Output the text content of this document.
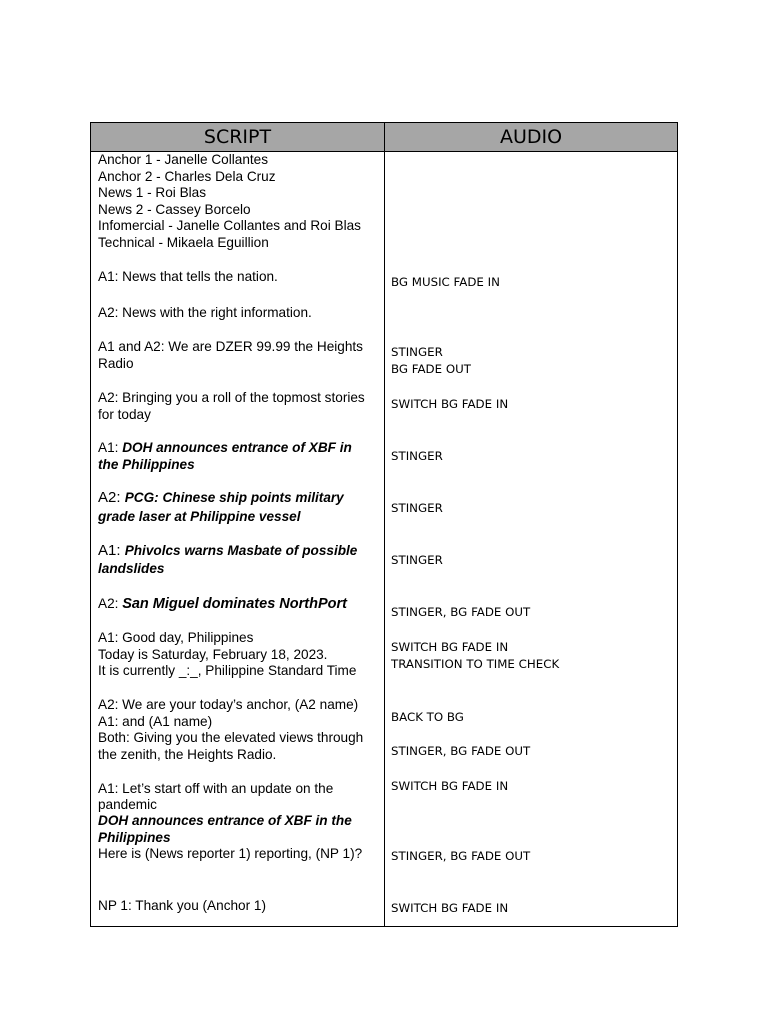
SCRIPT	AUDIO
Anchor 1 - Janelle Collantes
Anchor 2 - Charles Dela Cruz
News 1 - Roi Blas
News 2 - Cassey Borcelo
Infomercial - Janelle Collantes and Roi Blas
Technical - Mikaela Eguillion
A1: News that tells the nation.
A2: News with the right information.
A1 and A2: We are DZER 99.99 the Heights
Radio
A2: Bringing you a roll of the topmost stories
for today
A1: DOH announces entrance of XBF in
the Philippines
A2: PCG: Chinese ship points military
grade laser at Philippine vessel
A1: Phivolcs warns Masbate of possible
landslides
A2: San Miguel dominates NorthPort
A1: Good day, Philippines
Today is Saturday, February 18, 2023.
It is currently _:_, Philippine Standard Time
A2: We are your today’s anchor, (A2 name)
A1: and (A1 name)
Both: Giving you the elevated views through
the zenith, the Heights Radio.
A1: Let’s start off with an update on the
pandemic
DOH announces entrance of XBF in the
Philippines
Here is (News reporter 1) reporting, (NP 1)?
NP 1: Thank you (Anchor 1)
BG MUSIC FADE IN
STINGER
BG FADE OUT
SWITCH BG FADE IN
STINGER
STINGER
STINGER
STINGER, BG FADE OUT
SWITCH BG FADE IN
TRANSITION TO TIME CHECK
BACK TO BG
STINGER, BG FADE OUT
SWITCH BG FADE IN
STINGER, BG FADE OUT
SWITCH BG FADE IN
